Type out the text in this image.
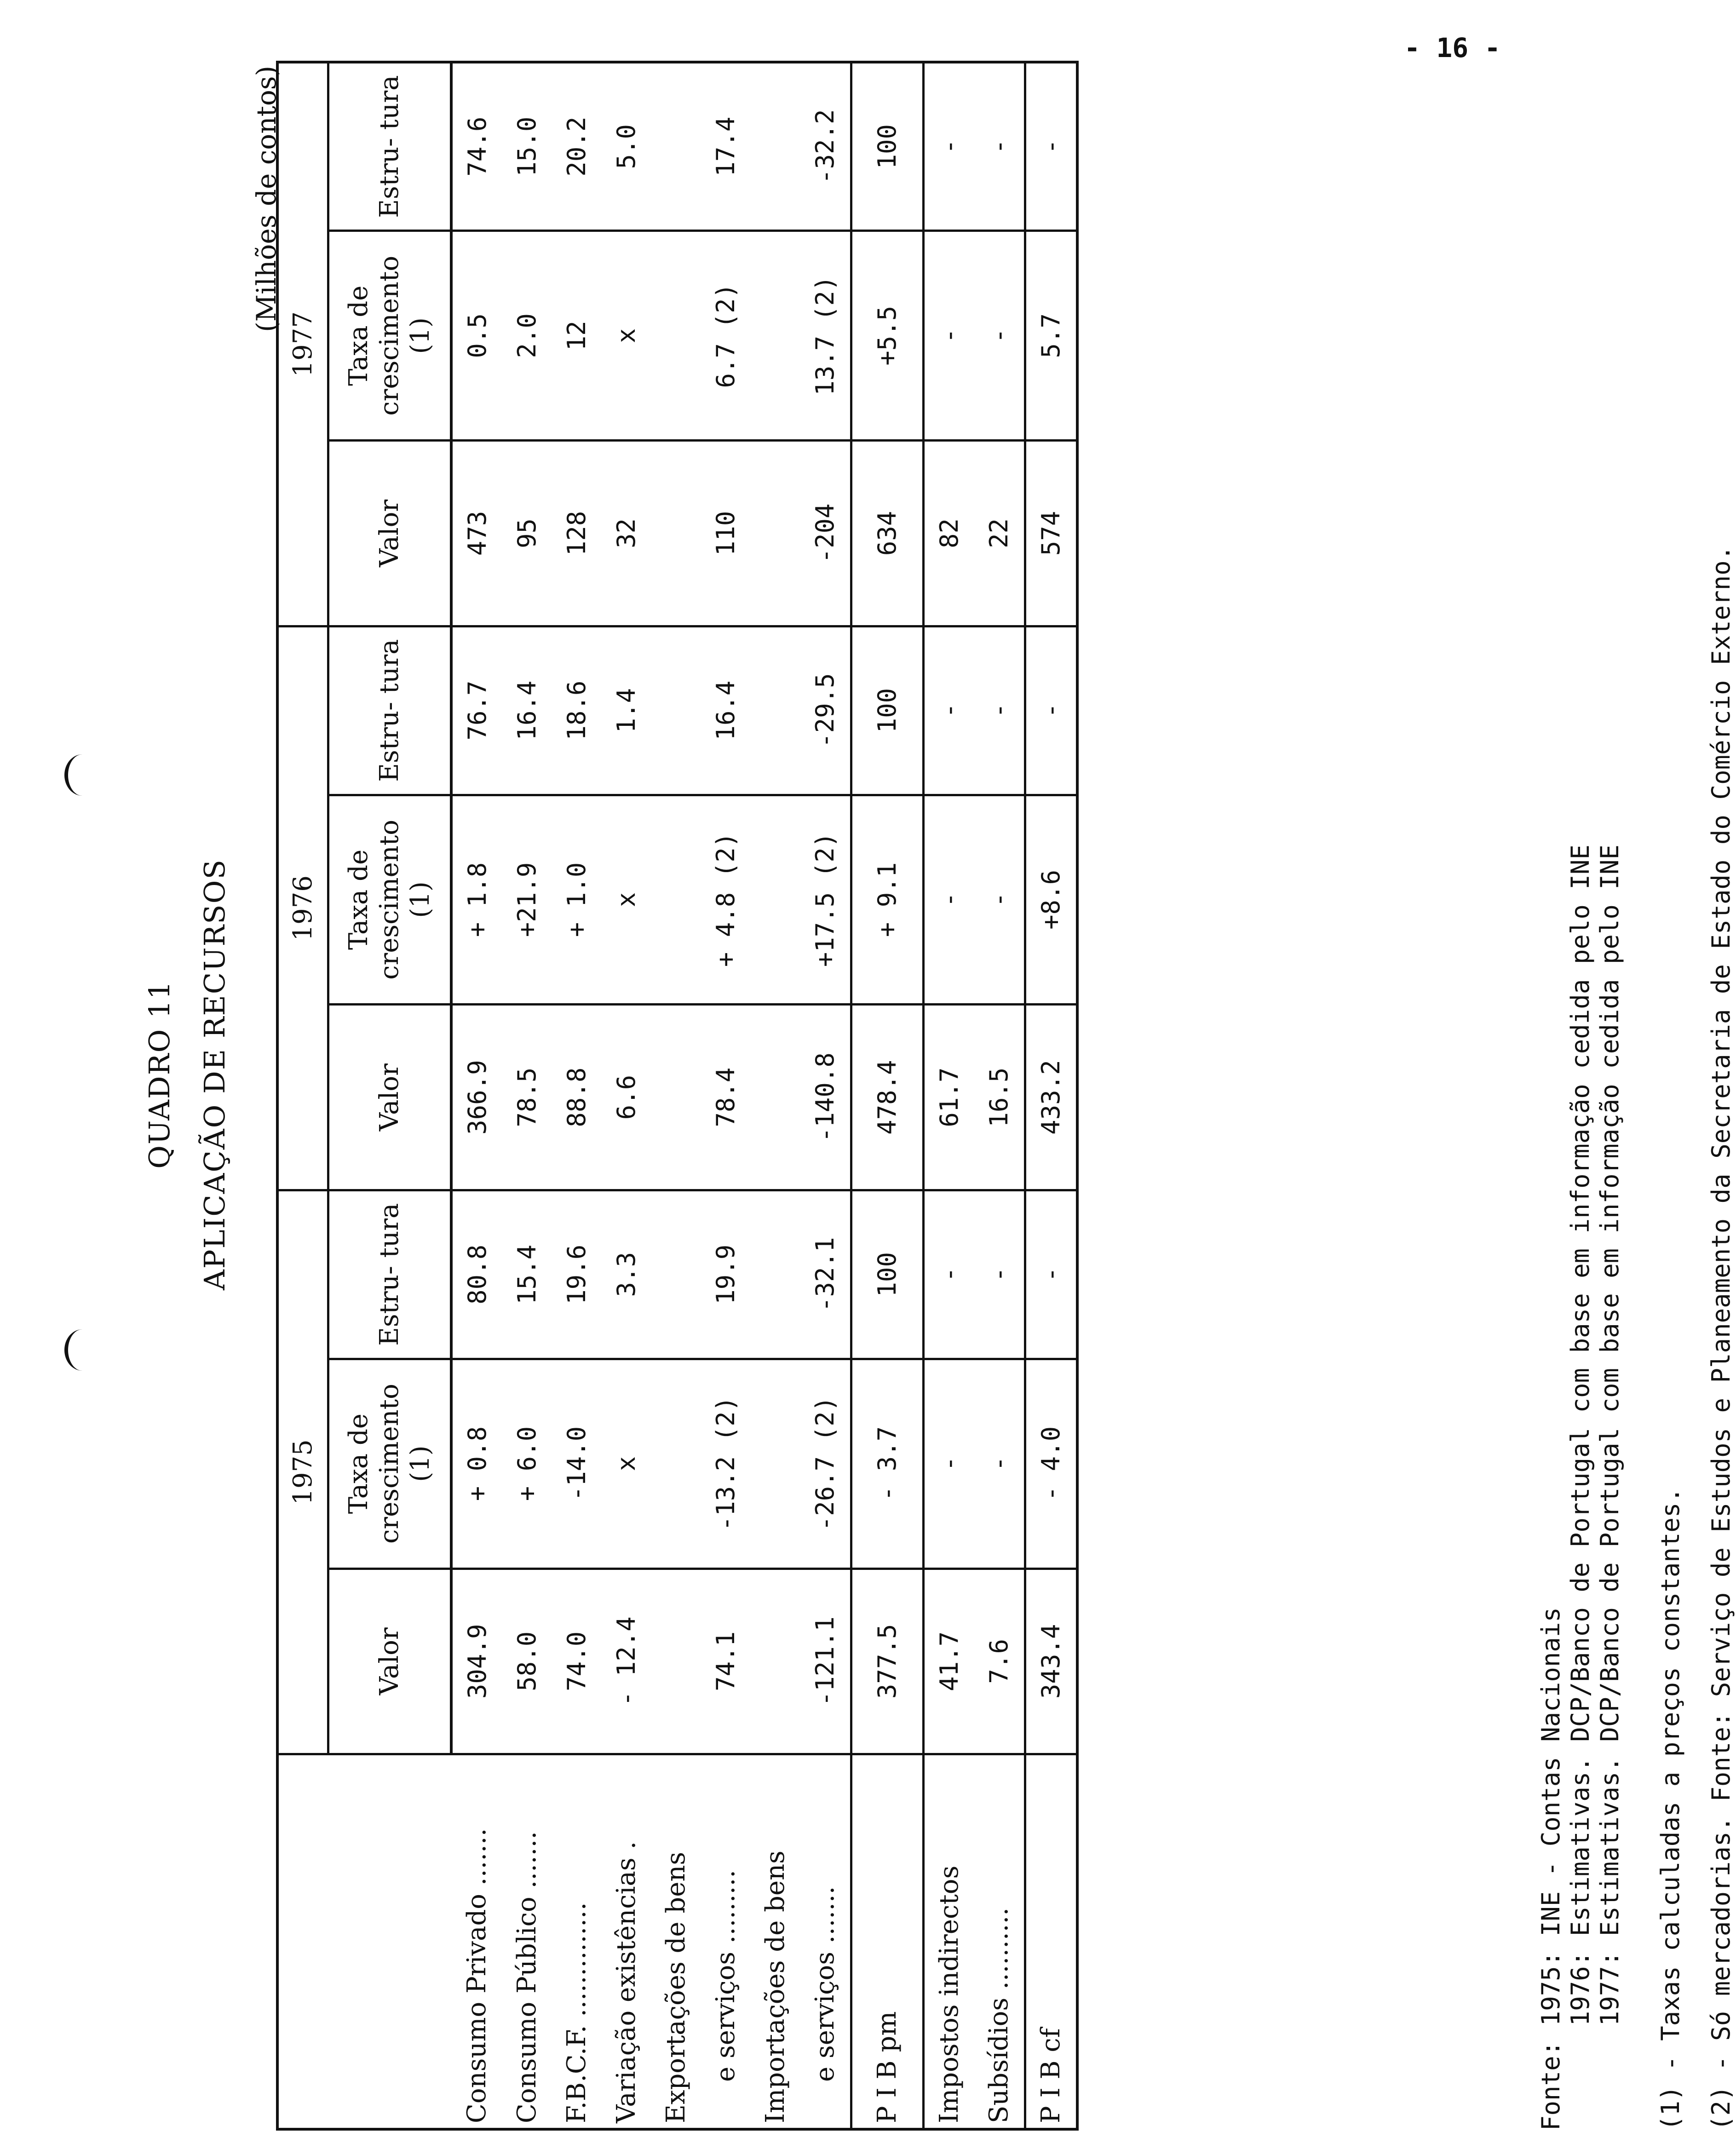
- 16 -
QUADRO 11 APLICAÇÃO DE RECURSOS
(Milhões de contos)
	1975			1976			1977		
	Valor	Taxa de crescimento (1)	Estru- tura	Valor	Taxa de crescimento (1)	Estru- tura	Valor	Taxa de crescimento (1)	Estru- tura
Consumo Privado .......	304.9	+ 0.8	80.8	366.9	+ 1.8	76.7	473	0.5	74.6
Consumo Público .......	58.0	+ 6.0	15.4	78.5	+21.9	16.4	95	2.0	15.0
F.B.C.F. ..............	74.0	-14.0	19.6	88.8	+ 1.0	18.6	128	12	20.2
Variação existências .	- 12.4	x	3.3	6.6	x	1.4	32	x	5.0
Exportações de bens									
e serviços .........	74.1	-13.2 (2)	19.9	78.4	+ 4.8 (2)	16.4	110	6.7 (2)	17.4
Importações de bens									
e serviços .......	-121.1	-26.7 (2)	-32.1	-140.8	+17.5 (2)	-29.5	-204	13.7 (2)	-32.2
P I B pm	377.5	- 3.7	100	478.4	+ 9.1	100	634	+5.5	100
Impostos indirectos	41.7	-	-	61.7	-	-	82	-	-
Subsídios ..........	7.6	-	-	16.5	-	-	22	-	-
P I B cf	343.4	- 4.0	-	433.2	+8.6	-	574	5.7	-
Fonte: 1975: INE - Contas Nacionais 1976: Estimativas. DCP/Banco de Portugal com base em informação cedida pelo INE 1977: Estimativas. DCP/Banco de Portugal com base em informação cedida pelo INE (1) - Taxas calculadas a preços constantes. (2) - Só mercadorias. Fonte: Serviço de Estudos e Planeamento da Secretaria de Estado do Comércio Externo.
